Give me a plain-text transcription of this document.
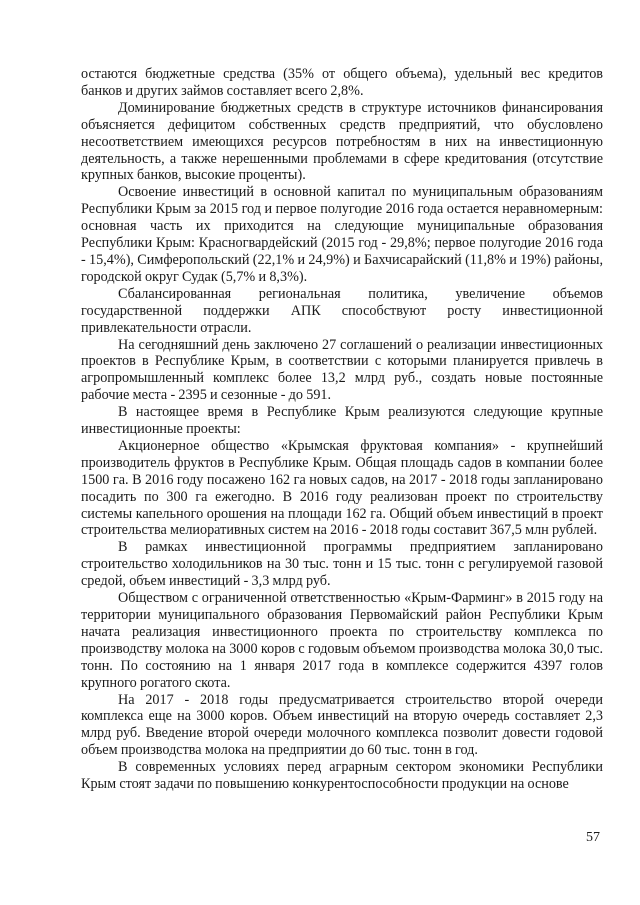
остаются бюджетные средства (35% от общего объема), удельный вес кредитов банков и других займов составляет всего 2,8%.

Доминирование бюджетных средств в структуре источников финансирования объясняется дефицитом собственных средств предприятий, что обусловлено несоответствием имеющихся ресурсов потребностям в них на инвестиционную деятельность, а также нерешенными проблемами в сфере кредитования (отсутствие крупных банков, высокие проценты).

Освоение инвестиций в основной капитал по муниципальным образованиям Республики Крым за 2015 год и первое полугодие 2016 года остается неравномерным: основная часть их приходится на следующие муниципальные образования Республики Крым: Красногвардейский (2015 год - 29,8%; первое полугодие 2016 года - 15,4%), Симферопольский (22,1% и 24,9%) и Бахчисарайский (11,8% и 19%) районы, городской округ Судак (5,7% и 8,3%).

Сбалансированная региональная политика, увеличение объемов государственной поддержки АПК способствуют росту инвестиционной привлекательности отрасли.

На сегодняшний день заключено 27 соглашений о реализации инвестиционных проектов в Республике Крым, в соответствии с которыми планируется привлечь в агропромышленный комплекс более 13,2 млрд руб., создать новые постоянные рабочие места - 2395 и сезонные - до 591.

В настоящее время в Республике Крым реализуются следующие крупные инвестиционные проекты:

Акционерное общество «Крымская фруктовая компания» - крупнейший производитель фруктов в Республике Крым. Общая площадь садов в компании более 1500 га. В 2016 году посажено 162 га новых садов, на 2017 - 2018 годы запланировано посадить по 300 га ежегодно. В 2016 году реализован проект по строительству системы капельного орошения на площади 162 га. Общий объем инвестиций в проект строительства мелиоративных систем на 2016 - 2018 годы составит 367,5 млн рублей.

В рамках инвестиционной программы предприятием запланировано строительство холодильников на 30 тыс. тонн и 15 тыс. тонн с регулируемой газовой средой, объем инвестиций - 3,3 млрд руб.

Обществом с ограниченной ответственностью «Крым-Фарминг» в 2015 году на территории муниципального образования Первомайский район Республики Крым начата реализация инвестиционного проекта по строительству комплекса по производству молока на 3000 коров с годовым объемом производства молока 30,0 тыс. тонн. По состоянию на 1 января 2017 года в комплексе содержится 4397 голов крупного рогатого скота.

На 2017 - 2018 годы предусматривается строительство второй очереди комплекса еще на 3000 коров. Объем инвестиций на вторую очередь составляет 2,3 млрд руб. Введение второй очереди молочного комплекса позволит довести годовой объем производства молока на предприятии до 60 тыс. тонн в год.

В современных условиях перед аграрным сектором экономики Республики Крым стоят задачи по повышению конкурентоспособности продукции на основе

57
